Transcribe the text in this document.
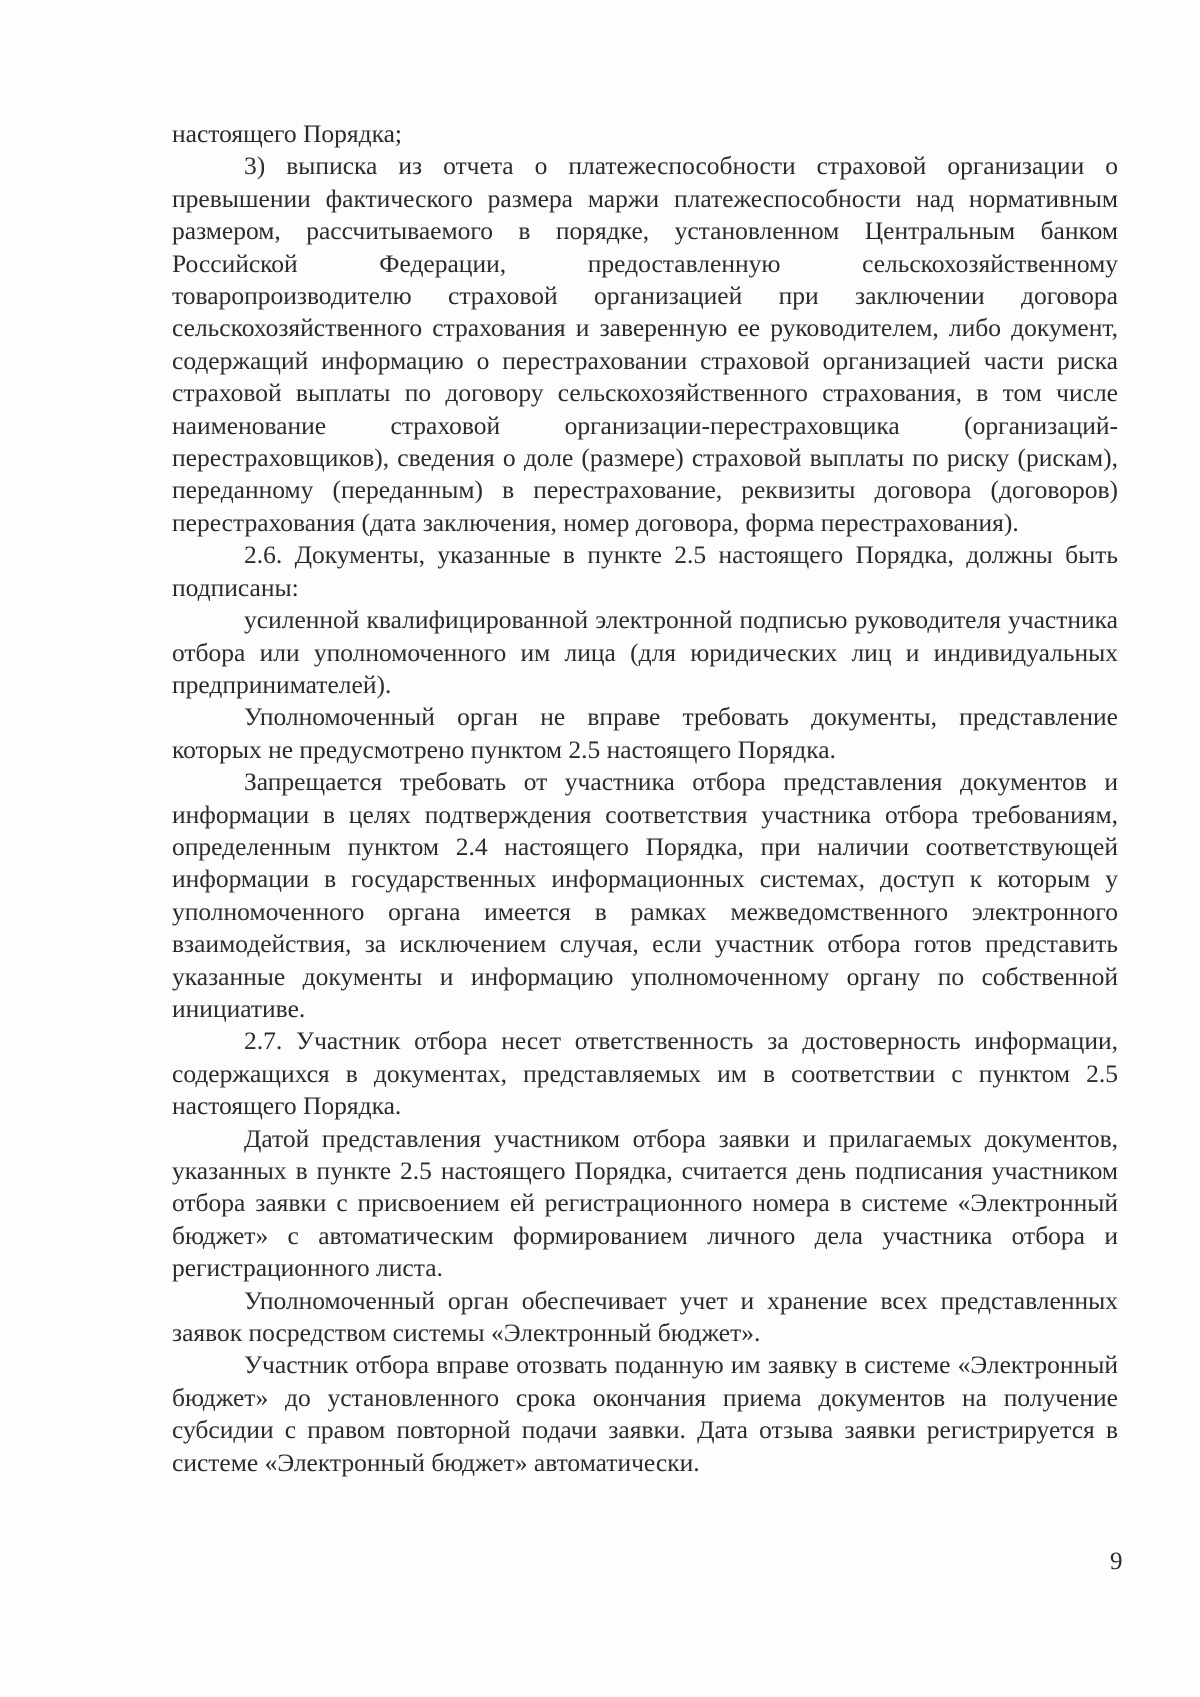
настоящего Порядка;

3) выписка из отчета о платежеспособности страховой организации о превышении фактического размера маржи платежеспособности над нормативным размером, рассчитываемого в порядке, установленном Центральным банком Российской Федерации, предоставленную сельскохозяйственному товаропроизводителю страховой организацией при заключении договора сельскохозяйственного страхования и заверенную ее руководителем, либо документ, содержащий информацию о перестраховании страховой организацией части риска страховой выплаты по договору сельскохозяйственного страхования, в том числе наименование страховой организации-перестраховщика (организаций-перестраховщиков), сведения о доле (размере) страховой выплаты по риску (рискам), переданному (переданным) в перестрахование, реквизиты договора (договоров) перестрахования (дата заключения, номер договора, форма перестрахования).

2.6. Документы, указанные в пункте 2.5 настоящего Порядка, должны быть подписаны:

усиленной квалифицированной электронной подписью руководителя участника отбора или уполномоченного им лица (для юридических лиц и индивидуальных предпринимателей).

Уполномоченный орган не вправе требовать документы, представление которых не предусмотрено пунктом 2.5 настоящего Порядка.

Запрещается требовать от участника отбора представления документов и информации в целях подтверждения соответствия участника отбора требованиям, определенным пунктом 2.4 настоящего Порядка, при наличии соответствующей информации в государственных информационных системах, доступ к которым у уполномоченного органа имеется в рамках межведомственного электронного взаимодействия, за исключением случая, если участник отбора готов представить указанные документы и информацию уполномоченному органу по собственной инициативе.

2.7. Участник отбора несет ответственность за достоверность информации, содержащихся в документах, представляемых им в соответствии с пунктом 2.5 настоящего Порядка.

Датой представления участником отбора заявки и прилагаемых документов, указанных в пункте 2.5 настоящего Порядка, считается день подписания участником отбора заявки с присвоением ей регистрационного номера в системе «Электронный бюджет» с автоматическим формированием личного дела участника отбора и регистрационного листа.

Уполномоченный орган обеспечивает учет и хранение всех представленных заявок посредством системы «Электронный бюджет».

Участник отбора вправе отозвать поданную им заявку в системе «Электронный бюджет» до установленного срока окончания приема документов на получение субсидии с правом повторной подачи заявки. Дата отзыва заявки регистрируется в системе «Электронный бюджет» автоматически.

9
